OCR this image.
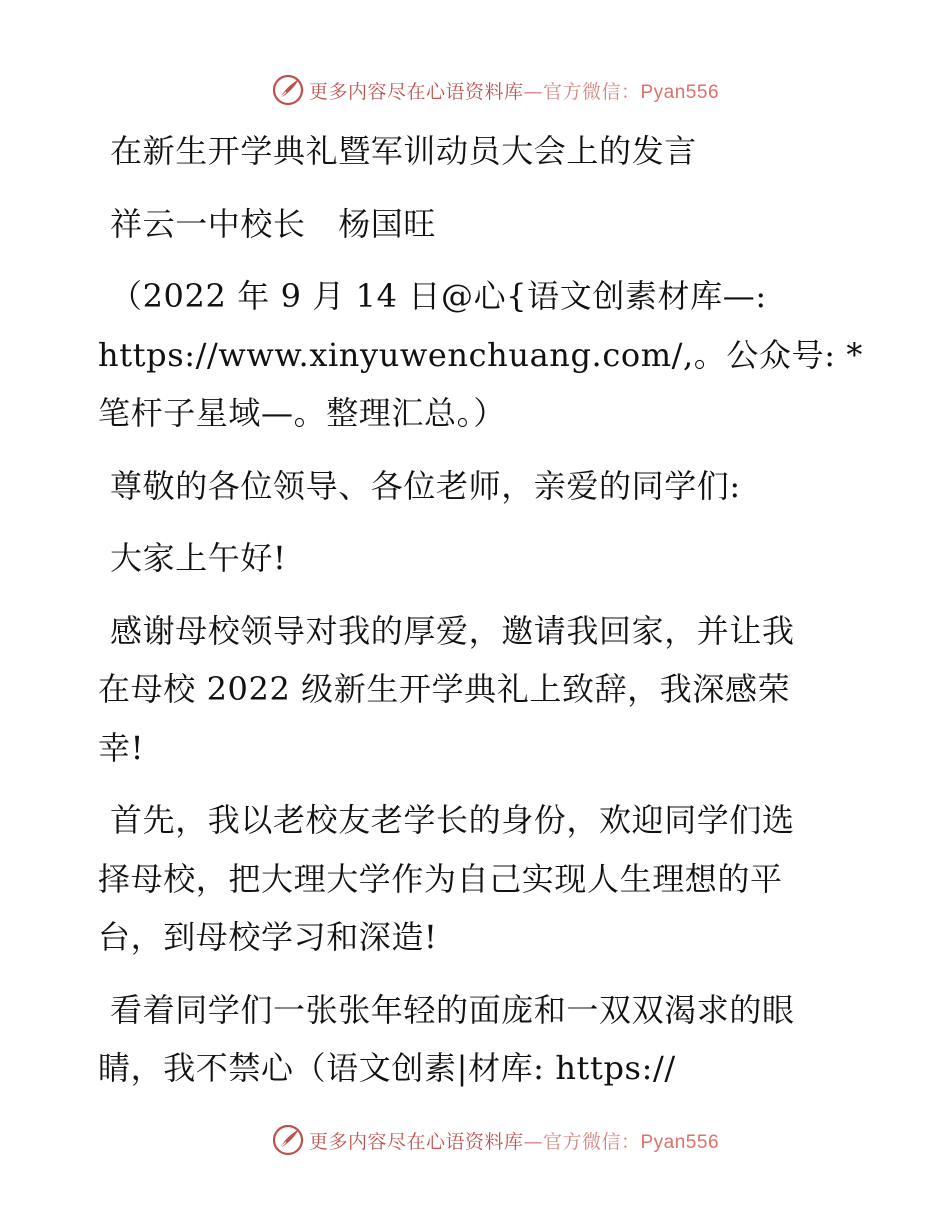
更多内容尽在心语资料库—官方微信：Pyan556

在新生开学典礼暨军训动员大会上的发言

祥云一中校长　杨国旺

（2022 年 9 月 14 日@心{语文创素材库—:
https://www.xinyuwenchuang.com/,。公众号: *
笔杆子星域—。整理汇总。）

尊敬的各位领导、各位老师，亲爱的同学们:

大家上午好!

感谢母校领导对我的厚爱，邀请我回家，并让我
在母校 2022 级新生开学典礼上致辞，我深感荣
幸!

首先，我以老校友老学长的身份，欢迎同学们选
择母校，把大理大学作为自己实现人生理想的平
台，到母校学习和深造!

看着同学们一张张年轻的面庞和一双双渴求的眼
睛，我不禁心（语文创素|材库: https://

更多内容尽在心语资料库—官方微信：Pyan556
